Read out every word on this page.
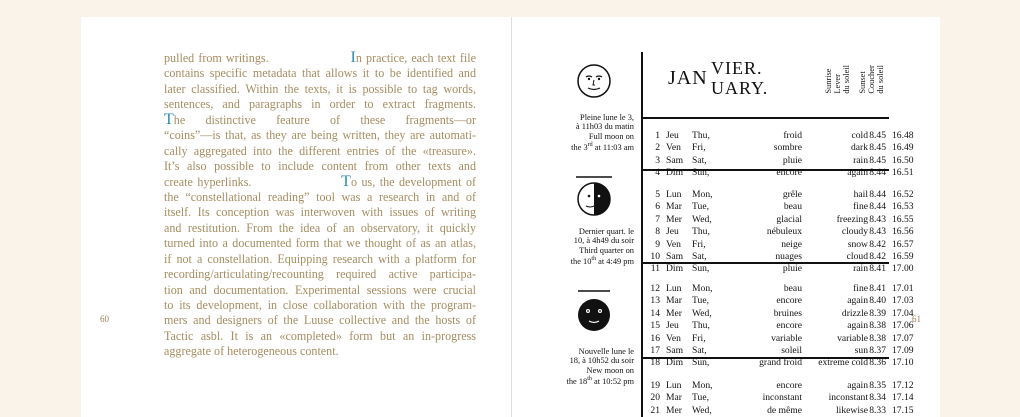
pulled from writings.	In practice, each text file
contains specific metadata that allows it to be identified and
later classified. Within the texts, it is possible to tag words,
sentences, and paragraphs in order to extract fragments.
The distinctive feature of these fragments—or
“coins”—is that, as they are being written, they are automati-
cally aggregated into the different entries of the «treasure».
It’s also possible to include content from other texts and
create hyperlinks.	To us, the development of
the “constellational reading” tool was a research in and of
itself. Its conception was interwoven with issues of writing
and restitution. From the idea of an observatory, it quickly
turned into a documented form that we thought of as an atlas,
if not a constellation. Equipping research with a platform for
recording/articulating/recounting required active participa-
tion and documentation. Experimental sessions were crucial
to its development, in close collaboration with the program-
mers and designers of the Luuse collective and the hosts of
Tactic asbl. It is an «completed» form but an in-progress
aggregate of heterogeneous content.
60
JAN VIER.
UARY.	Sunrise
Lever
du soleil Sunset
Coucher
du soleil
Pleine lune le 3,
à 11h03 du matin
Full moon on
the 3rd at 11:03 am
Dernier quart. le
10, à 4h49 du soir
Third quarter on
the 10th at 4:49 pm
Nouvelle lune le
18, à 10h52 du soir
New moon on
the 18th at 10:52 pm
1 Jeu Thu,	froid	cold 8.45 16.48
2 Ven Fri,	sombre	dark 8.45 16.49
3 Sam Sat,	pluie	rain 8.45 16.50
4 Dim Sun,	encore	again 8.44 16.51
5 Lun Mon,	grêle	hail 8.44 16.52
6 Mar Tue,	beau	fine 8.44 16.53
7 Mer Wed,	glacial	freezing 8.43 16.55
8 Jeu Thu,	nébuleux	cloudy 8.43 16.56
9 Ven Fri,	neige	snow 8.42 16.57
10 Sam Sat,	nuages	cloud 8.42 16.59
11 Dim Sun,	pluie	rain 8.41 17.00
12 Lun Mon,	beau	fine 8.41 17.01
13 Mar Tue,	encore	again 8.40 17.03
14 Mer Wed,	bruines	drizzle 8.39 17.04
15 Jeu Thu,	encore	again 8.38 17.06
16 Ven Fri,	variable	variable 8.38 17.07
17 Sam Sat,	soleil	sun 8.37 17.09
18 Dim Sun,	grand froid	extreme cold 8.36 17.10
19 Lun Mon,	encore	again 8.35 17.12
20 Mar Tue,	inconstant	inconstant 8.34 17.14
21 Mer Wed,	de même	likewise 8.33 17.15
61
